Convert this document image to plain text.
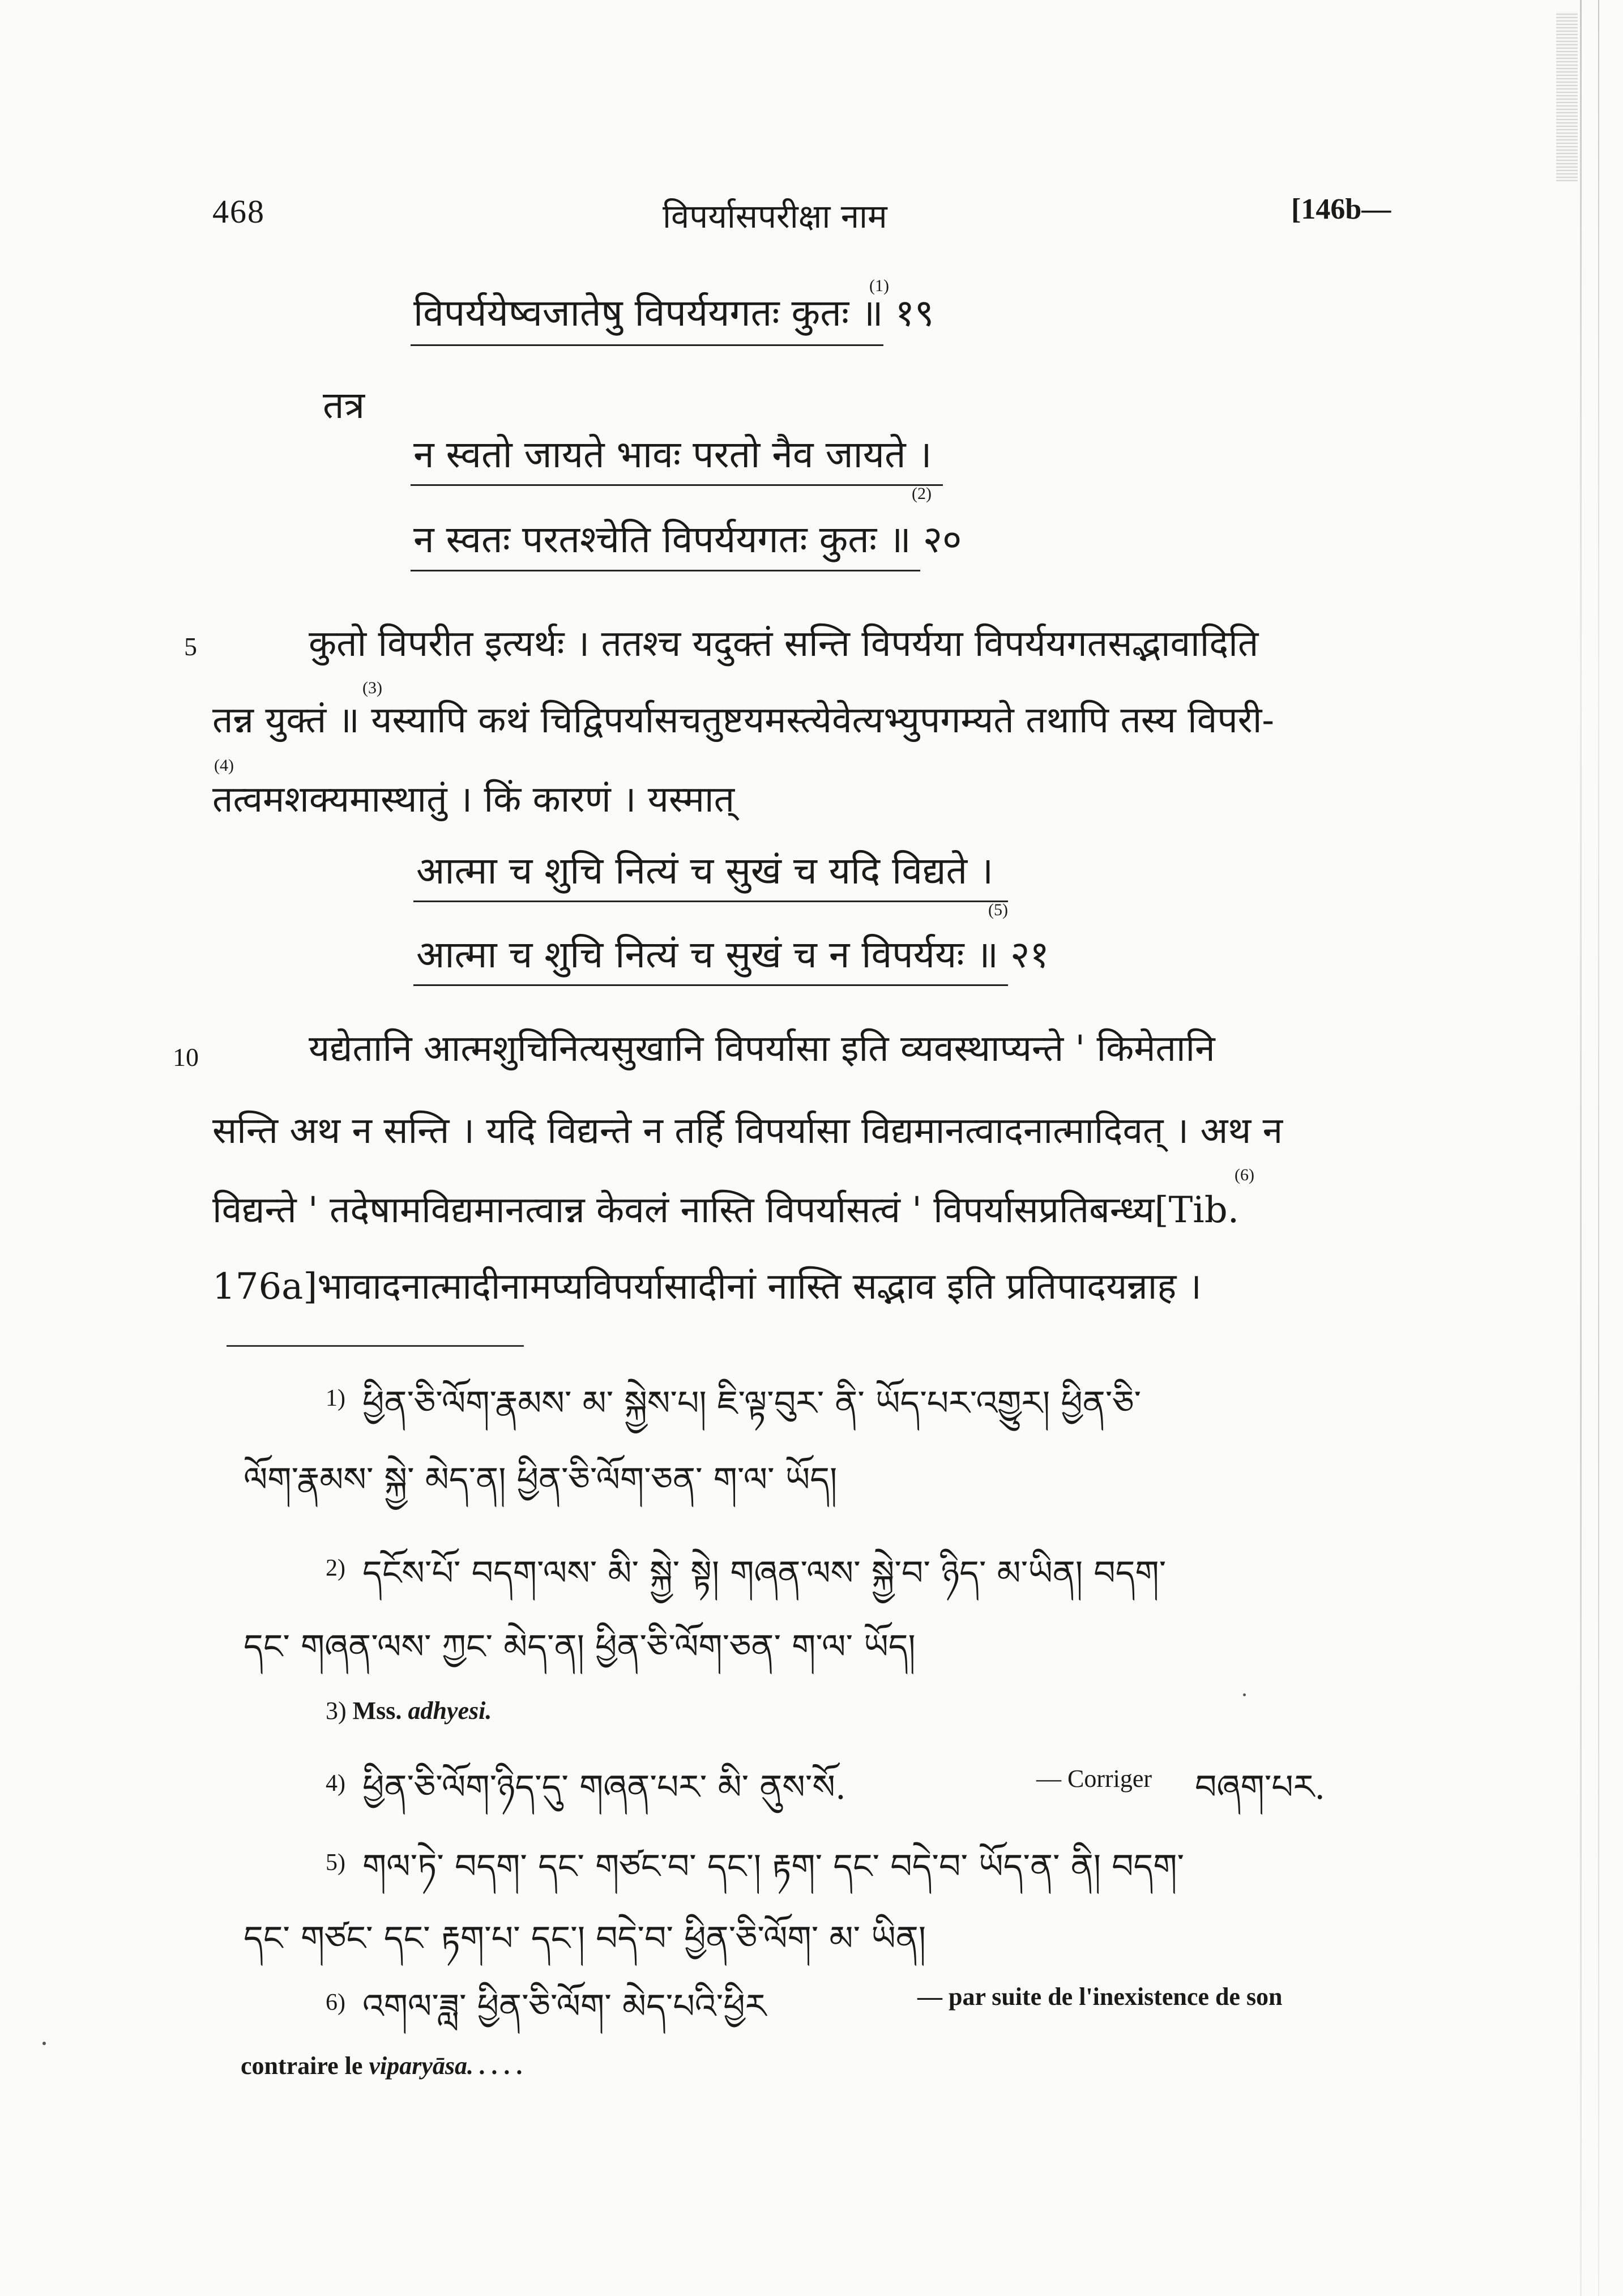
468	विपर्यासपरीक्षा नाम	[146b—
विपर्ययेष्वजातेषु विपर्ययगतः कुतः ॥ १९
(1)
तत्र
न स्वतो जायते भावः परतो नैव जायते ।
(2)
न स्वतः परतश्चेति विपर्ययगतः कुतः ॥ २०
5	कुतो विपरीत इत्यर्थः । ततश्च यदुक्तं सन्ति विपर्यया विपर्ययगतसद्भावादिति
(3)
तन्न युक्तं ॥ यस्यापि कथं चिद्विपर्यासचतुष्टयमस्त्येवेत्यभ्युपगम्यते तथापि तस्य विपरी-
(4)
तत्वमशक्यमास्थातुं । किं कारणं । यस्मात्
आत्मा च शुचि नित्यं च सुखं च यदि विद्यते ।
(5)
आत्मा च शुचि नित्यं च सुखं च न विपर्ययः ॥ २१
10	यद्येतानि आत्मशुचिनित्यसुखानि विपर्यासा इति व्यवस्थाप्यन्ते ' किमेतानि
सन्ति अथ न सन्ति । यदि विद्यन्ते न तर्हि विपर्यासा विद्यमानत्वादनात्मादिवत् । अथ न
(6)
विद्यन्ते ' तदेषामविद्यमानत्वान्न केवलं नास्ति विपर्यासत्वं ' विपर्यासप्रतिबन्ध्य[Tib.
176a]भावादनात्मादीनामप्यविपर्यासादीनां नास्ति सद्भाव इति प्रतिपादयन्नाह ।
1) ཕྱིན་ཅི་ལོག་རྣམས་ མ་ སྐྱེས་པ། ཇི་ལྟ་བུར་ ནི་ ཡོད་པར་འགྱུར། ཕྱིན་ཅི་
ལོག་རྣམས་ སྐྱེ་ མེད་ན། ཕྱིན་ཅི་ལོག་ཅན་ ག་ལ་ ཡོད།
2) དངོས་པོ་ བདག་ལས་ མི་ སྐྱེ་ སྟེ། གཞན་ལས་ སྐྱེ་བ་ ཉིད་ མ་ཡིན། བདག་
དང་ གཞན་ལས་ ཀྱང་ མེད་ན། ཕྱིན་ཅི་ལོག་ཅན་ ག་ལ་ ཡོད།
3) Mss. adhyesi.
4) ཕྱིན་ཅི་ལོག་ཉིད་དུ་ གཞན་པར་ མི་ ནུས་སོ.	— Corriger བཞག་པར.
5) གལ་ཏེ་ བདག་ དང་ གཙང་བ་ དང་། རྟག་ དང་ བདེ་བ་ ཡོད་ན་ ནི། བདག་
དང་ གཙང་ དང་ རྟག་པ་ དང་། བདེ་བ་ ཕྱིན་ཅི་ལོག་ མ་ ཡིན།
6) འགལ་ཟླ་ ཕྱིན་ཅི་ལོག་ མེད་པའི་ཕྱིར	— par suite de l'inexistence de son
contraire le viparyāsa. . . . .
